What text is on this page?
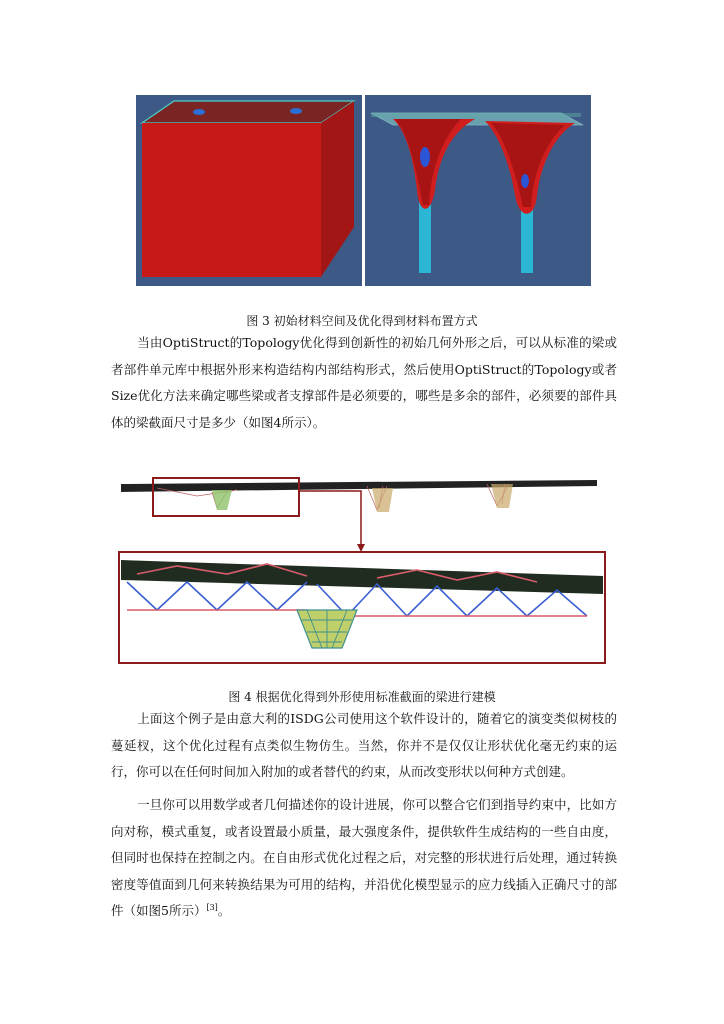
图 3 初始材料空间及优化得到材料布置方式
当由OptiStruct的Topology优化得到创新性的初始几何外形之后，可以从标准的梁或者部件单元库中根据外形来构造结构内部结构形式，然后使用OptiStruct的Topology或者Size优化方法来确定哪些梁或者支撑部件是必须要的，哪些是多余的部件，必须要的部件具体的梁截面尺寸是多少（如图4所示）。
图 4 根据优化得到外形使用标准截面的梁进行建模
上面这个例子是由意大利的ISDG公司使用这个软件设计的，随着它的演变类似树枝的蔓延杈，这个优化过程有点类似生物仿生。当然，你并不是仅仅让形状优化毫无约束的运行，你可以在任何时间加入附加的或者替代的约束，从而改变形状以何种方式创建。
一旦你可以用数学或者几何描述你的设计进展，你可以整合它们到指导约束中，比如方向对称，模式重复，或者设置最小质量，最大强度条件，提供软件生成结构的一些自由度，但同时也保持在控制之内。在自由形式优化过程之后，对完整的形状进行后处理，通过转换密度等值面到几何来转换结果为可用的结构，并沿优化模型显示的应力线插入正确尺寸的部件（如图5所示）[3]。
